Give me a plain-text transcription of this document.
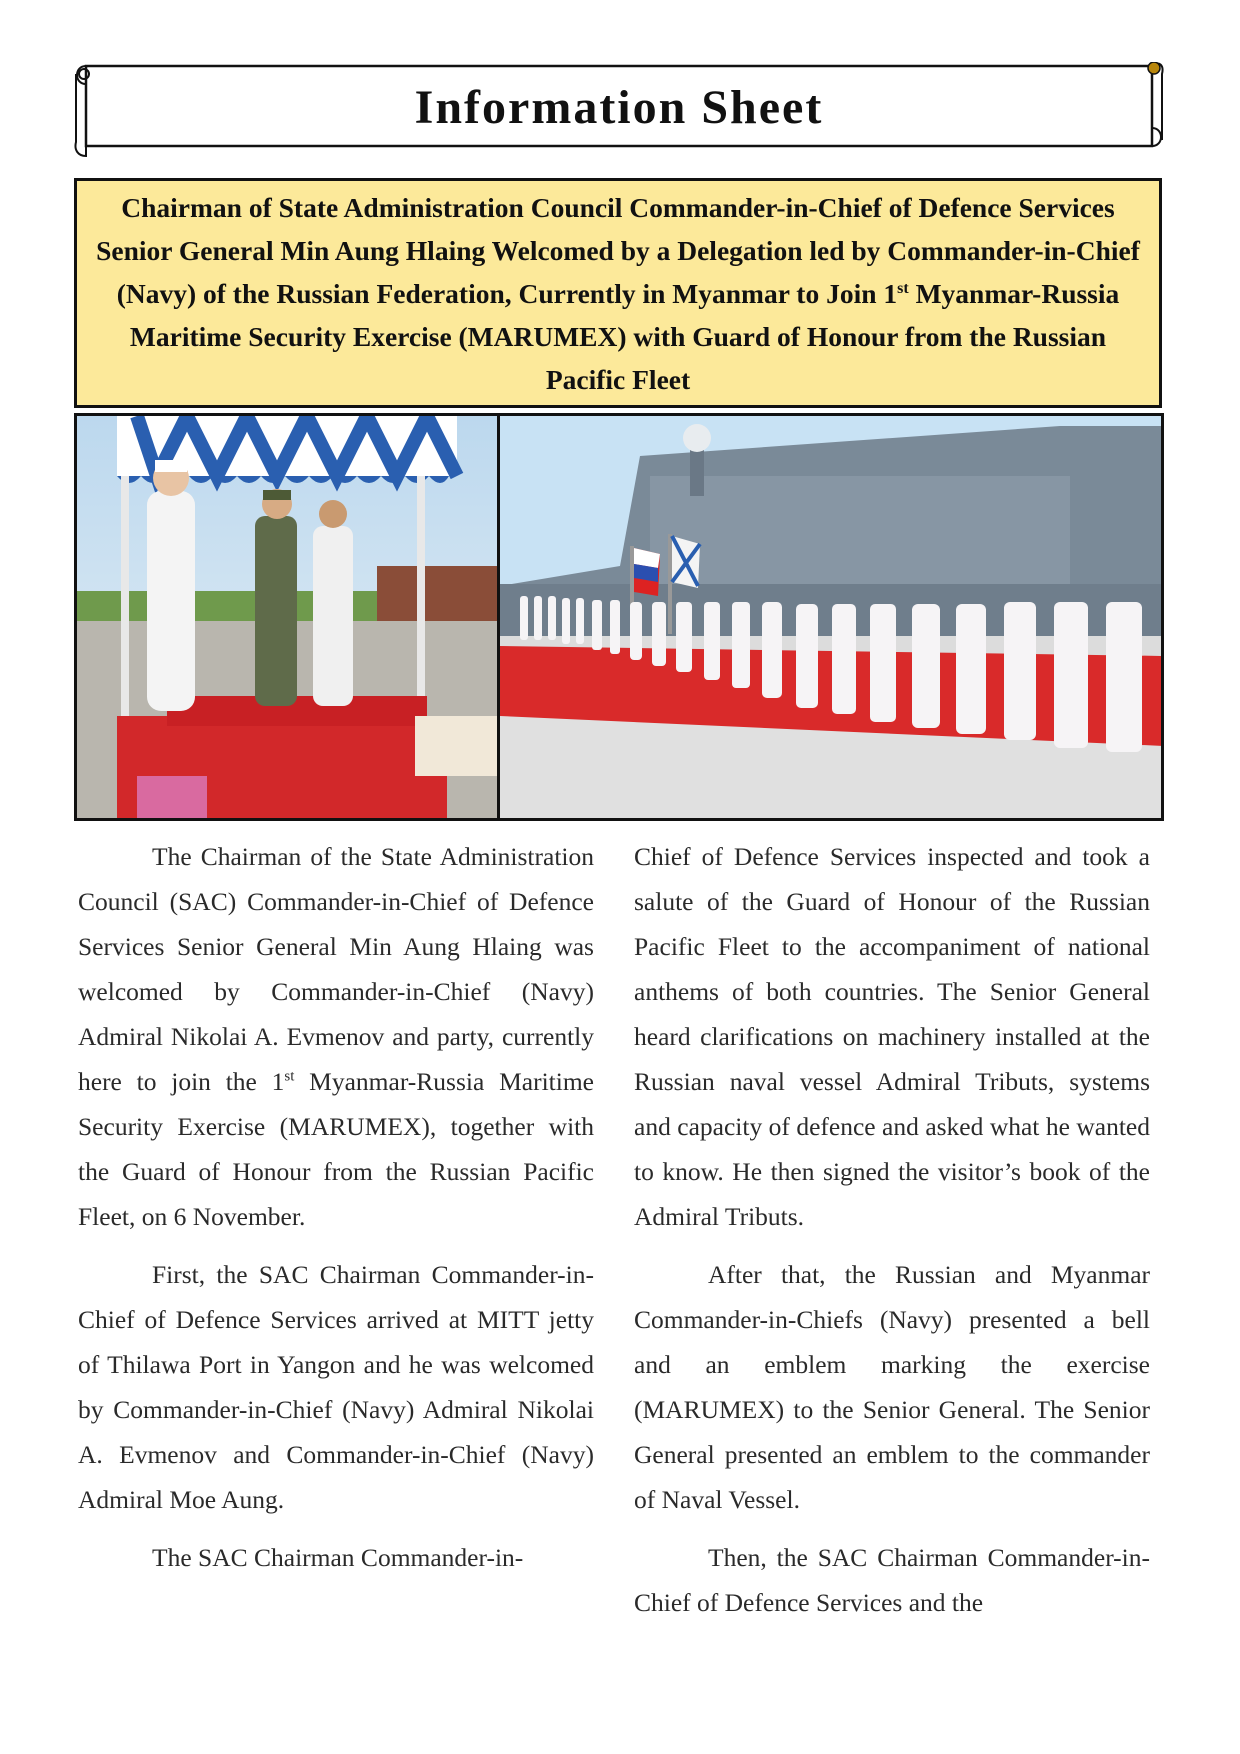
Information Sheet

Chairman of State Administration Council Commander-in-Chief of Defence Services Senior General Min Aung Hlaing Welcomed by a Delegation led by Commander-in-Chief (Navy) of the Russian Federation, Currently in Myanmar to Join 1st Myanmar-Russia Maritime Security Exercise (MARUMEX) with Guard of Honour from the Russian Pacific Fleet

The Chairman of the State Administration Council (SAC) Commander-in-Chief of Defence Services Senior General Min Aung Hlaing was welcomed by Commander-in-Chief (Navy) Admiral Nikolai A. Evmenov and party, currently here to join the 1st Myanmar-Russia Maritime Security Exercise (MARUMEX), together with the Guard of Honour from the Russian Pacific Fleet, on 6 November.

First, the SAC Chairman Commander-in-Chief of Defence Services arrived at MITT jetty of Thilawa Port in Yangon and he was welcomed by Commander-in-Chief (Navy) Admiral Nikolai A. Evmenov and Commander-in-Chief (Navy) Admiral Moe Aung.

The SAC Chairman Commander-in-

Chief of Defence Services inspected and took a salute of the Guard of Honour of the Russian Pacific Fleet to the accompaniment of national anthems of both countries. The Senior General heard clarifications on machinery installed at the Russian naval vessel Admiral Tributs, systems and capacity of defence and asked what he wanted to know. He then signed the visitor’s book of the Admiral Tributs.

After that, the Russian and Myanmar Commander-in-Chiefs (Navy) presented a bell and an emblem marking the exercise (MARUMEX) to the Senior General. The Senior General presented an emblem to the commander of Naval Vessel.

Then, the SAC Chairman Commander-in-Chief of Defence Services and the
